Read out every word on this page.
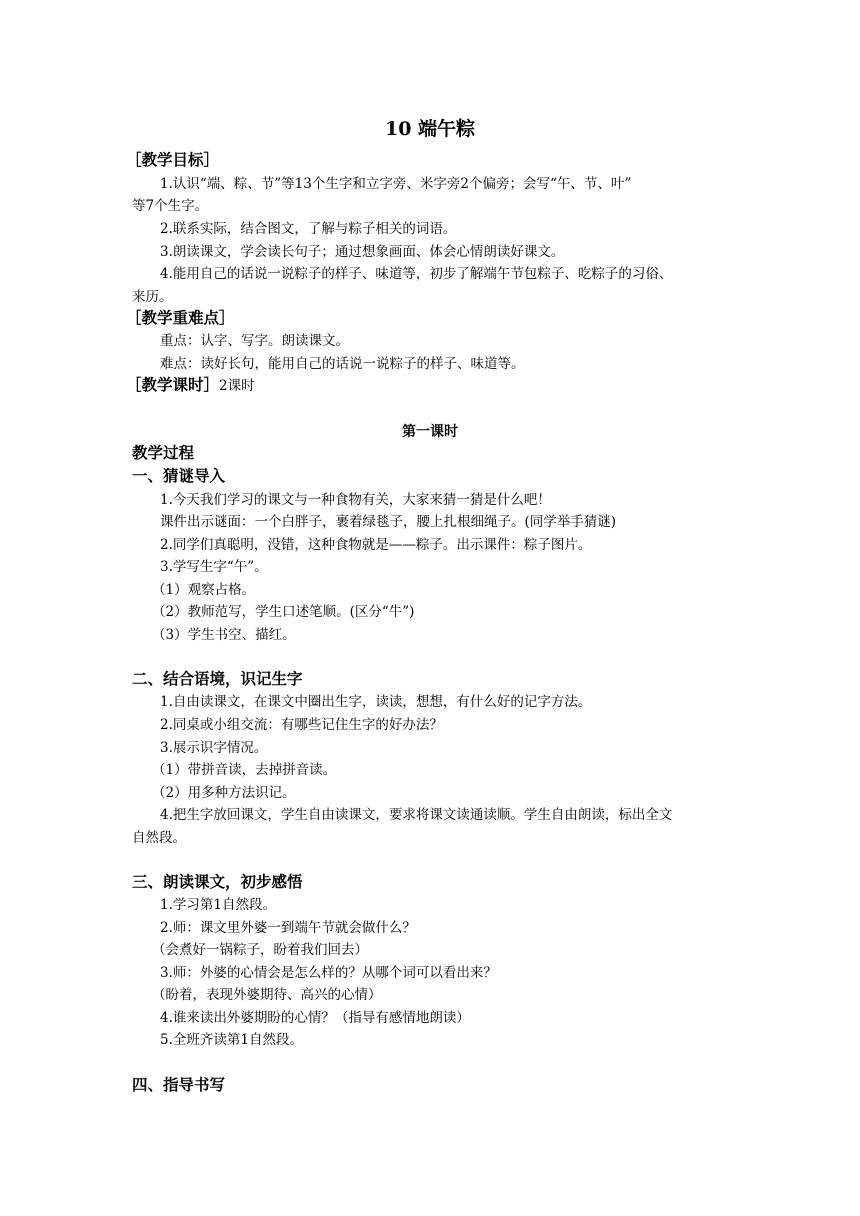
10 端午粽
［教学目标］
1.认识“端、粽、节”等13个生字和立字旁、米字旁2个偏旁；会写“午、节、叶”
等7个生字。
2.联系实际，结合图文，了解与粽子相关的词语。
3.朗读课文，学会读长句子；通过想象画面、体会心情朗读好课文。
4.能用自己的话说一说粽子的样子、味道等，初步了解端午节包粽子、吃粽子的习俗、
来历。
［教学重难点］
重点：认字、写字。朗读课文。
难点：读好长句，能用自己的话说一说粽子的样子、味道等。
［教学课时］2课时
第一课时
教学过程
一、猜谜导入
1.今天我们学习的课文与一种食物有关，大家来猜一猜是什么吧！
课件出示谜面：一个白胖子，裹着绿毯子，腰上扎根细绳子。(同学举手猜谜)
2.同学们真聪明，没错，这种食物就是——粽子。出示课件：粽子图片。
3.学写生字“午”。
（1）观察占格。
（2）教师范写，学生口述笔顺。(区分“牛”)
（3）学生书空、描红。
二、结合语境，识记生字
1.自由读课文，在课文中圈出生字，读读，想想，有什么好的记字方法。
2.同桌或小组交流：有哪些记住生字的好办法？
3.展示识字情况。
（1）带拼音读，去掉拼音读。
（2）用多种方法识记。
4.把生字放回课文，学生自由读课文，要求将课文读通读顺。学生自由朗读，标出全文
自然段。
三、朗读课文，初步感悟
1.学习第1自然段。
2.师：课文里外婆一到端午节就会做什么？
（会煮好一锅粽子，盼着我们回去）
3.师：外婆的心情会是怎么样的？从哪个词可以看出来？
（盼着，表现外婆期待、高兴的心情）
4.谁来读出外婆期盼的心情？（指导有感情地朗读）
5.全班齐读第1自然段。
四、指导书写
